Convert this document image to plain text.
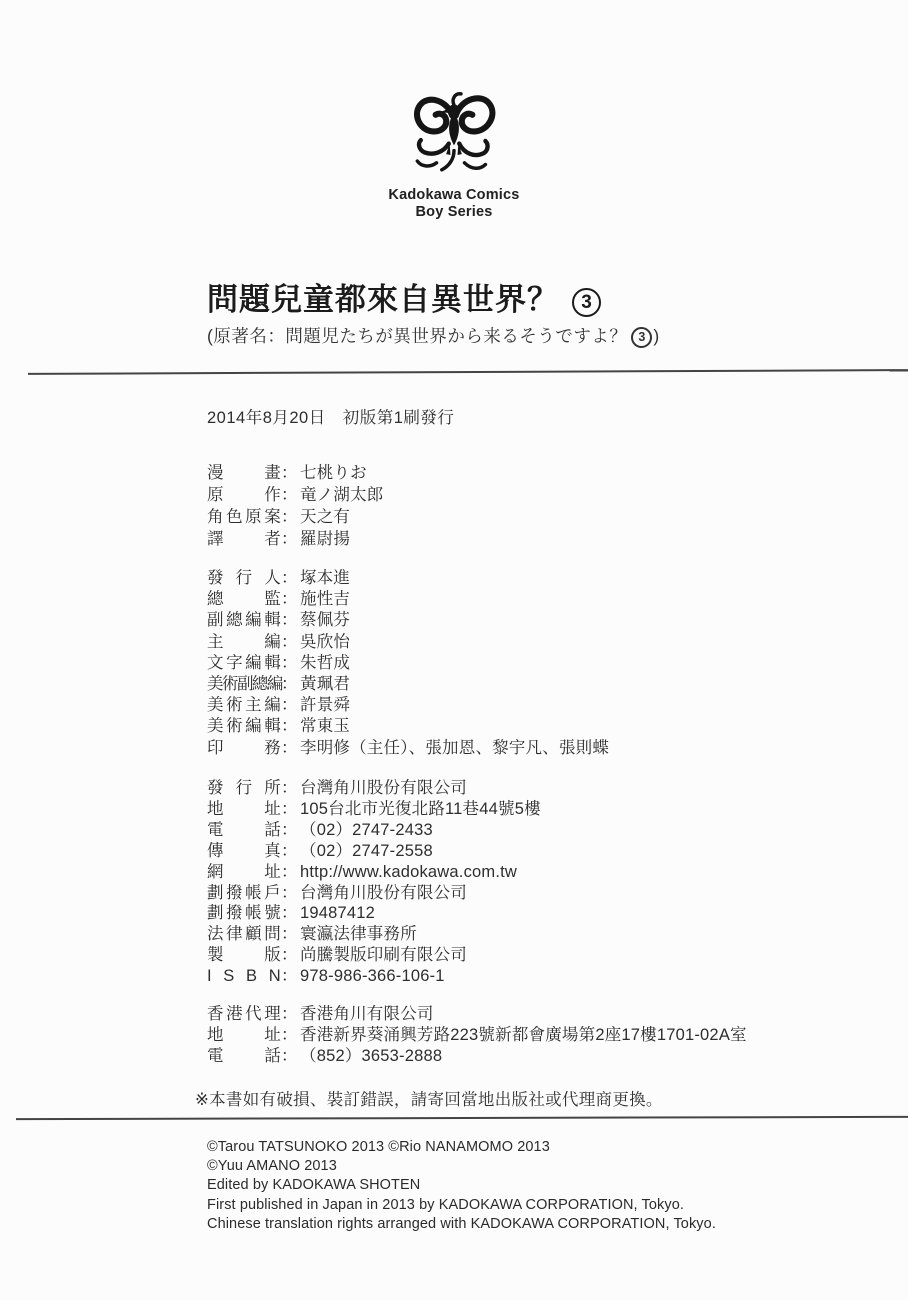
Kadokawa Comics
Boy Series
問題兒童都來自異世界？ 3
(原著名：問題児たちが異世界から来るそうですよ？ 3 )
2014年8月20日　初版第1刷發行
漫　　畫： 七桃りお
原　　作： 竜ノ湖太郎
角色原案： 天之有
譯　　者： 羅尉揚
發 行 人： 塚本進
總　　監： 施性吉
副總編輯： 蔡佩芬
主　　編： 吳欣怡
文字編輯： 朱哲成
美術副總編： 黃珮君
美術主編： 許景舜
美術編輯： 常東玉
印　　務： 李明修（主任）、張加恩、黎宇凡、張則蝶
發 行 所： 台灣角川股份有限公司
地　　址： 105台北市光復北路11巷44號5樓
電　　話： （02）2747-2433
傳　　真： （02）2747-2558
網　　址： http://www.kadokawa.com.tw
劃撥帳戶： 台灣角川股份有限公司
劃撥帳號： 19487412
法律顧問： 寰瀛法律事務所
製　　版： 尚騰製版印刷有限公司
I S B N： 978-986-366-106-1
香港代理： 香港角川有限公司
地　　址： 香港新界葵涌興芳路223號新都會廣場第2座17樓1701-02A室
電　　話： （852）3653-2888
※本書如有破損、裝訂錯誤，請寄回當地出版社或代理商更換。
©Tarou TATSUNOKO 2013 ©Rio NANAMOMO 2013
©Yuu AMANO 2013
Edited by KADOKAWA SHOTEN
First published in Japan in 2013 by KADOKAWA CORPORATION, Tokyo.
Chinese translation rights arranged with KADOKAWA CORPORATION, Tokyo.
